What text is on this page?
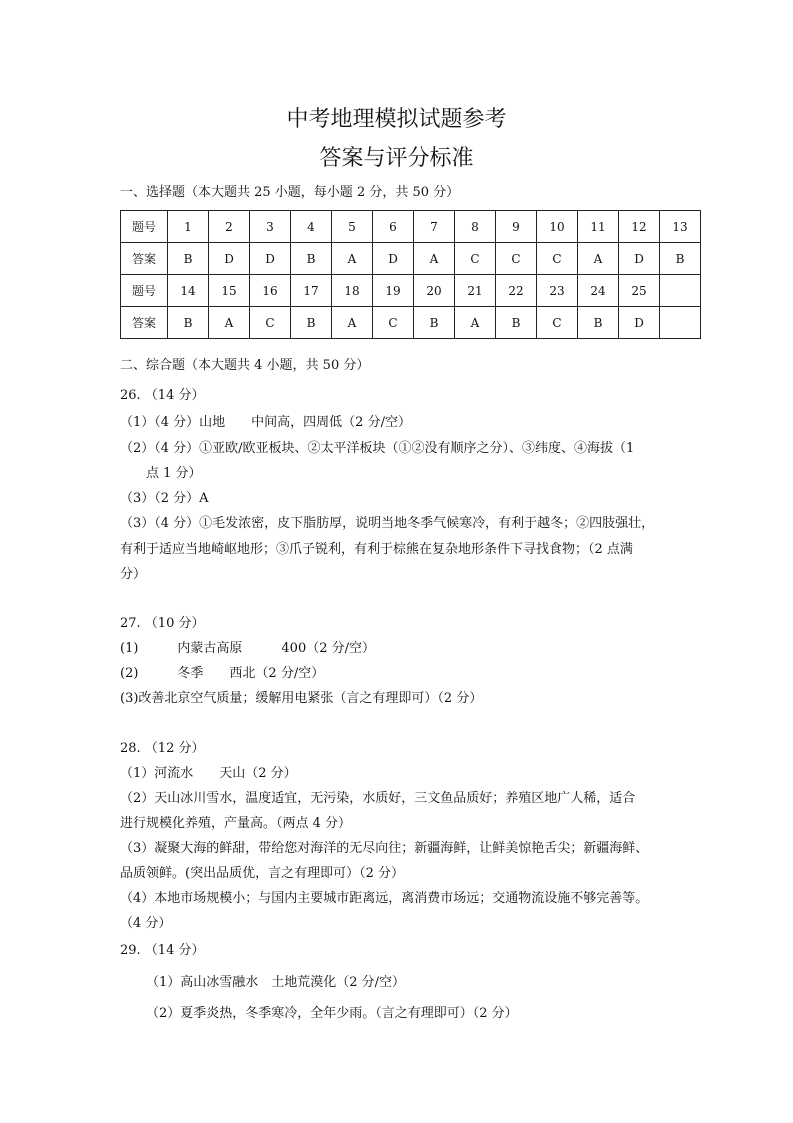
中考地理模拟试题参考
答案与评分标准
一、选择题（本大题共 25 小题，每小题 2 分，共 50 分）
题号	1	2	3	4	5	6	7	8	9	10	11	12	13
答案	B	D	D	B	A	D	A	C	C	C	A	D	B
题号	14	15	16	17	18	19	20	21	22	23	24	25	
答案	B	A	C	B	A	C	B	A	B	C	B	D	
二、综合题（本大题共 4 小题，共 50 分）
26. （14 分）
（1）（4 分）山地　　中间高，四周低（2 分/空）
（2）（4 分）①亚欧/欧亚板块、②太平洋板块（①②没有顺序之分）、③纬度、④海拔（1
点 1 分）
（3）（2 分）A
（3）（4 分）①毛发浓密，皮下脂肪厚，说明当地冬季气候寒冷，有利于越冬；②四肢强壮，
有利于适应当地崎岖地形；③爪子锐利，有利于棕熊在复杂地形条件下寻找食物；（2 点满
分）
27. （10 分）
(1)　　　内蒙古高原　　　400（2 分/空）
(2)　　　冬季　　西北（2 分/空）
(3)改善北京空气质量；缓解用电紧张（言之有理即可）（2 分）
28. （12 分）
（1）河流水　　天山（2 分）
（2）天山冰川雪水，温度适宜，无污染，水质好，三文鱼品质好；养殖区地广人稀，适合
进行规模化养殖，产量高。（两点 4 分）
（3）凝聚大海的鲜甜，带给您对海洋的无尽向往；新疆海鲜，让鲜美惊艳舌尖；新疆海鲜、
品质领鲜。(突出品质优，言之有理即可）（2 分）
（4）本地市场规模小；与国内主要城市距离远，离消费市场远；交通物流设施不够完善等。
（4 分）
29. （14 分）
（1）高山冰雪融水　土地荒漠化（2 分/空）
（2）夏季炎热，冬季寒冷，全年少雨。（言之有理即可）（2 分）
